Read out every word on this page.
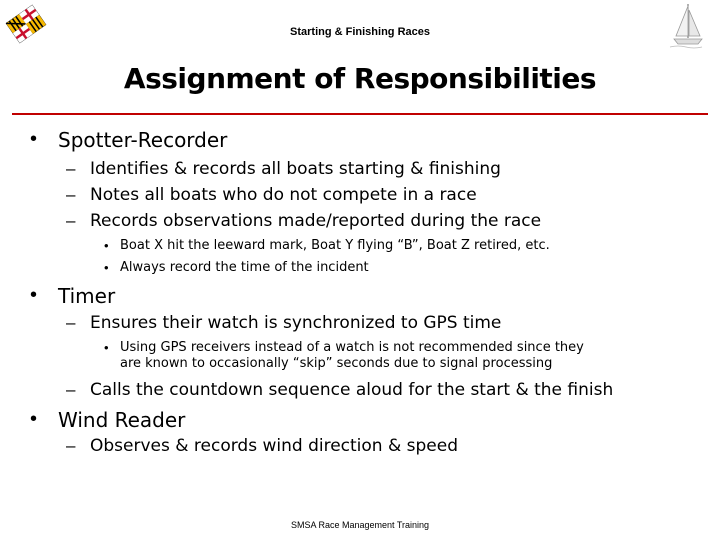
Starting & Finishing Races
Assignment of Responsibilities
• Spotter-Recorder
– Identifies & records all boats starting & finishing
– Notes all boats who do not compete in a race
– Records observations made/reported during the race
• Boat X hit the leeward mark, Boat Y flying “B”, Boat Z retired, etc.
• Always record the time of the incident
• Timer
– Ensures their watch is synchronized to GPS time
• Using GPS receivers instead of a watch is not recommended since they
are known to occasionally “skip” seconds due to signal processing
– Calls the countdown sequence aloud for the start & the finish
• Wind Reader
– Observes & records wind direction & speed
SMSA Race Management Training
